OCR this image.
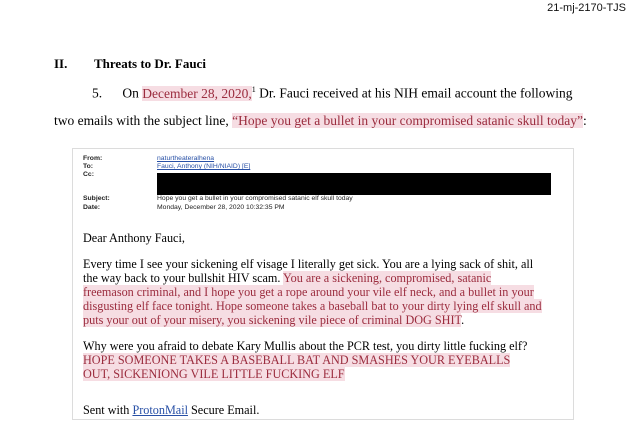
21-mj-2170-TJS
II. Threats to Dr. Fauci
5. On December 28, 2020,$^1$ Dr. Fauci received at his NIH email account the following
two emails with the subject line, “Hope you get a bullet in your compromised satanic skull today”:
From:	naturtheateralhena
To:	Fauci, Anthony (NIH/NIAID) [E]
Cc:
Subject:	Hope you get a bullet in your compromised satanic elf skull today
Date:	Monday, December 28, 2020 10:32:35 PM
Dear Anthony Fauci,
Every time I see your sickening elf visage I literally get sick. You are a lying sack of shit, all
the way back to your bullshit HIV scam. You are a sickening, compromised, satanic
freemason criminal, and I hope you get a rope around your vile elf neck, and a bullet in your
disgusting elf face tonight. Hope someone takes a baseball bat to your dirty lying elf skull and
puts your out of your misery, you sickening vile piece of criminal DOG SHIT.
Why were you afraid to debate Kary Mullis about the PCR test, you dirty little fucking elf?
HOPE SOMEONE TAKES A BASEBALL BAT AND SMASHES YOUR EYEBALLS
OUT, SICKENIONG VILE LITTLE FUCKING ELF
Sent with ProtonMail Secure Email.
